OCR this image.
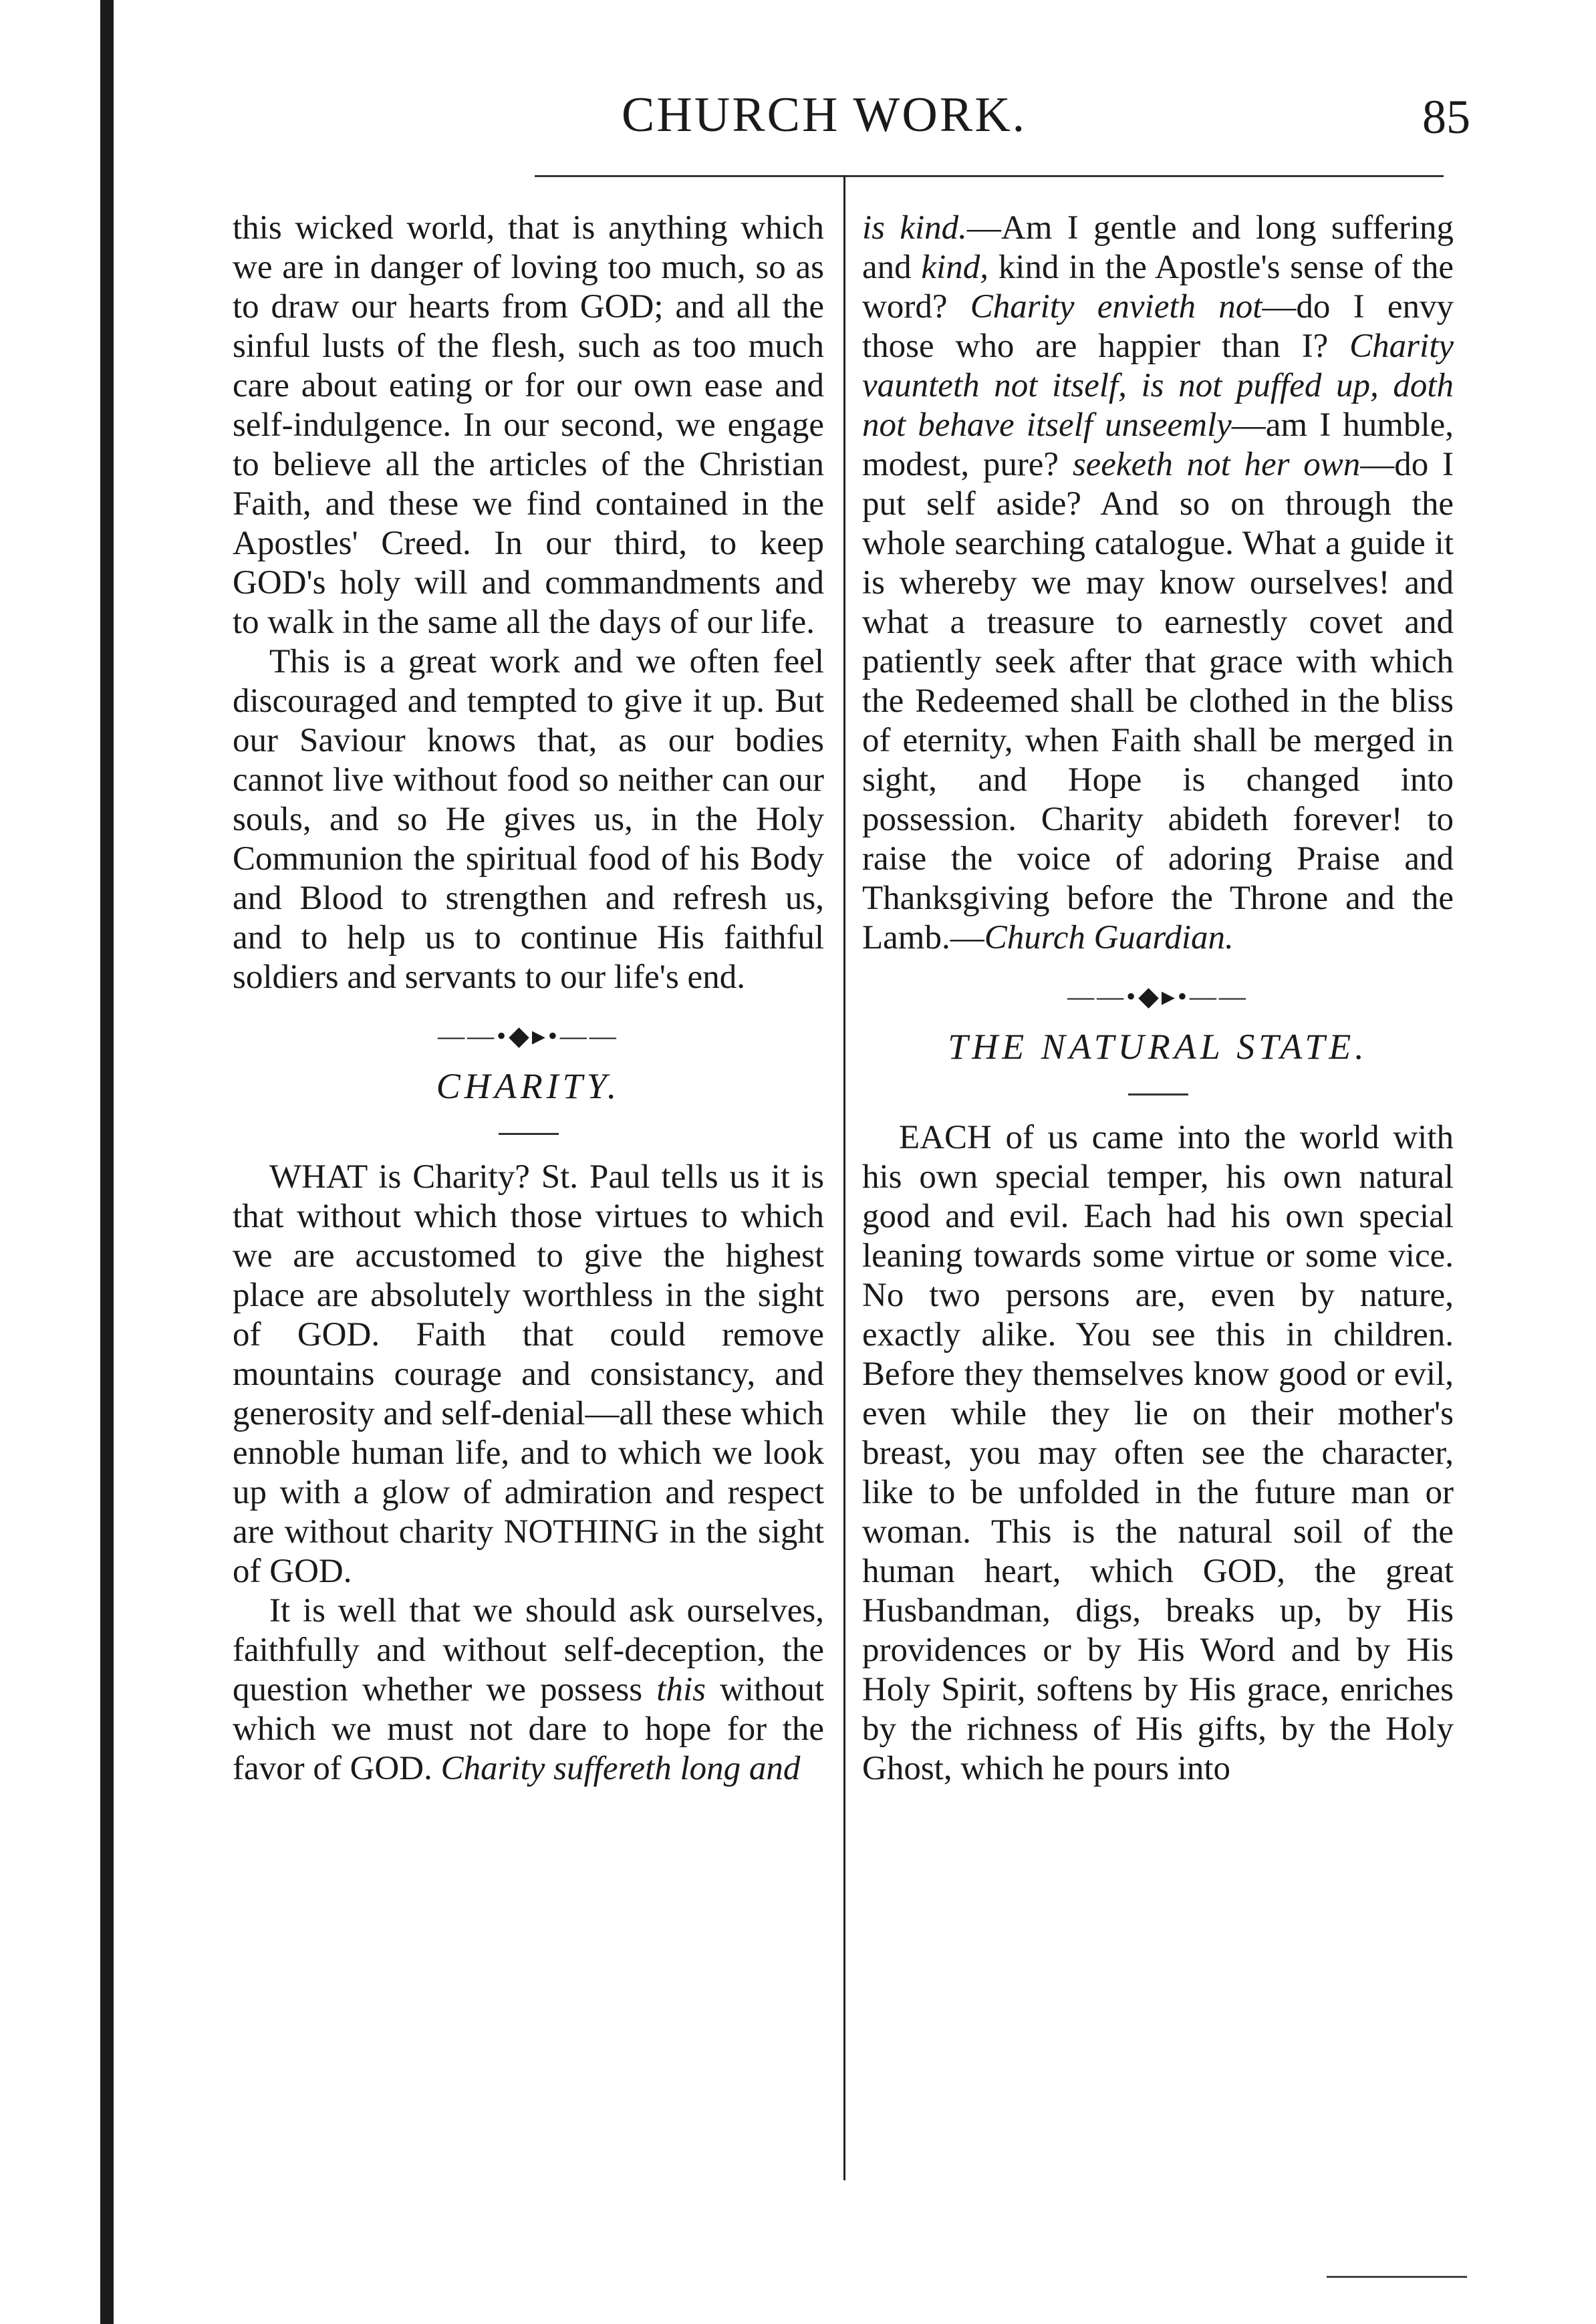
CHURCH WORK.	85

this wicked world, that is anything which we are in danger of loving too much, so as to draw our hearts from GOD; and all the sinful lusts of the flesh, such as too much care about eating or for our own ease and self-indulgence. In our second, we engage to believe all the articles of the Christian Faith, and these we find contained in the Apostles' Creed. In our third, to keep GOD's holy will and commandments and to walk in the same all the days of our life.

This is a great work and we often feel discouraged and tempted to give it up. But our Saviour knows that, as our bodies cannot live without food so neither can our souls, and so He gives us, in the Holy Communion the spiritual food of his Body and Blood to strengthen and refresh us, and to help us to continue His faithful soldiers and servants to our life's end.

——•◆▸•——

CHARITY.

WHAT is Charity? St. Paul tells us it is that without which those virtues to which we are accustomed to give the highest place are absolutely worthless in the sight of GOD. Faith that could remove mountains courage and consistancy, and generosity and self-denial—all these which ennoble human life, and to which we look up with a glow of admiration and respect are without charity NOTHING in the sight of GOD.

It is well that we should ask ourselves, faithfully and without self-deception, the question whether we possess this without which we must not dare to hope for the favor of GOD. Charity suffereth long and

is kind.—Am I gentle and long suffering and kind, kind in the Apostle's sense of the word? Charity envieth not—do I envy those who are happier than I? Charity vaunteth not itself, is not puffed up, doth not behave itself unseemly—am I humble, modest, pure? seeketh not her own—do I put self aside? And so on through the whole searching catalogue. What a guide it is whereby we may know ourselves! and what a treasure to earnestly covet and patiently seek after that grace with which the Redeemed shall be clothed in the bliss of eternity, when Faith shall be merged in sight, and Hope is changed into possession. Charity abideth forever! to raise the voice of adoring Praise and Thanksgiving before the Throne and the Lamb.—Church Guardian.

——•◆▸•——

THE NATURAL STATE.

EACH of us came into the world with his own special temper, his own natural good and evil. Each had his own special leaning towards some virtue or some vice. No two persons are, even by nature, exactly alike. You see this in children. Before they themselves know good or evil, even while they lie on their mother's breast, you may often see the character, like to be unfolded in the future man or woman. This is the natural soil of the human heart, which GOD, the great Husbandman, digs, breaks up, by His providences or by His Word and by His Holy Spirit, softens by His grace, enriches by the richness of His gifts, by the Holy Ghost, which he pours into
